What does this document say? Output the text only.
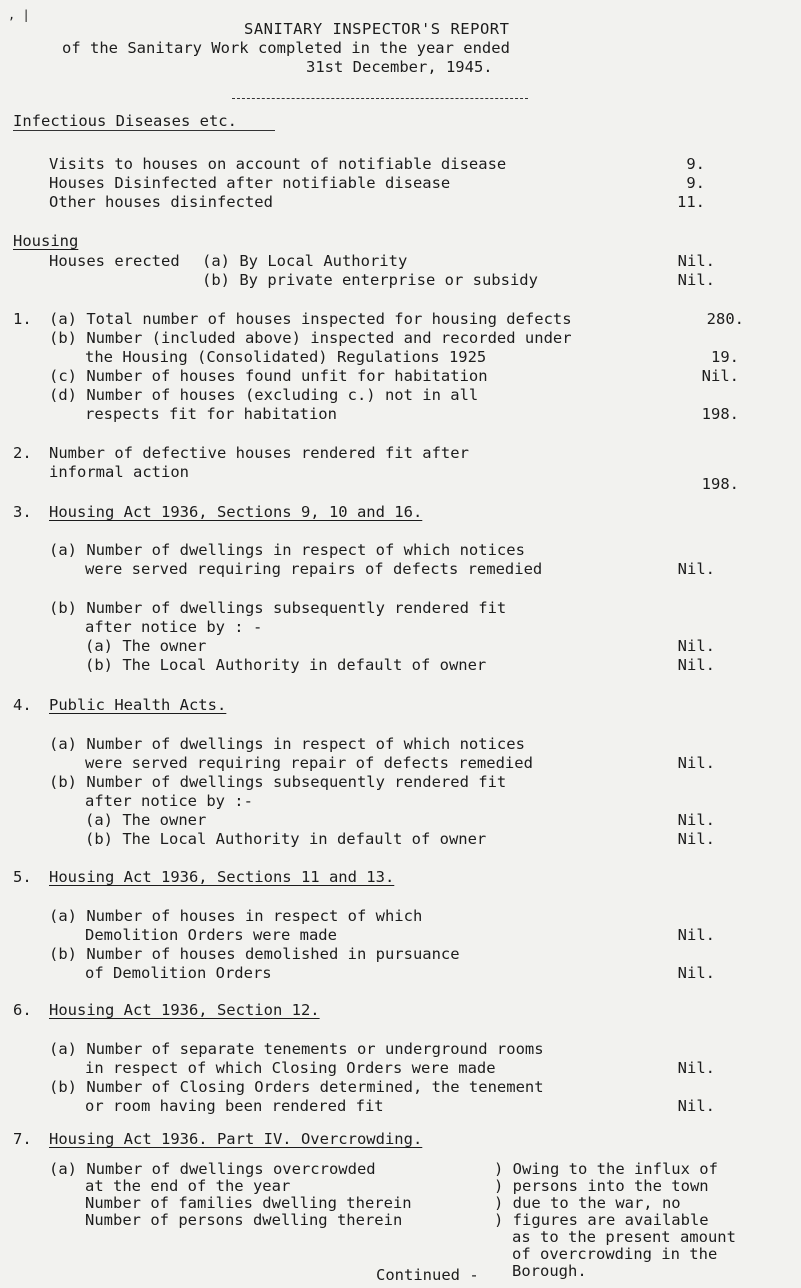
, |
SANITARY INSPECTOR'S REPORT
of the Sanitary Work completed in the year ended
31st December, 1945.
Infectious Diseases etc.
Visits to houses on account of notifiable disease	9.
Houses Disinfected after notifiable disease	9.
Other houses disinfected	11.
Housing
Houses erected (a) By Local Authority	Nil.
(b) By private enterprise or subsidy	Nil.
1. (a) Total number of houses inspected for housing defects	280.
(b) Number (included above) inspected and recorded under
the Housing (Consolidated) Regulations 1925	19.
(c) Number of houses found unfit for habitation	Nil.
(d) Number of houses (excluding c.) not in all
respects fit for habitation	198.
2. Number of defective houses rendered fit after
informal action
198.
3. Housing Act 1936, Sections 9, 10 and 16.
(a) Number of dwellings in respect of which notices
were served requiring repairs of defects remedied	Nil.
(b) Number of dwellings subsequently rendered fit
after notice by : -
(a) The owner	Nil.
(b) The Local Authority in default of owner	Nil.
4. Public Health Acts.
(a) Number of dwellings in respect of which notices
were served requiring repair of defects remedied	Nil.
(b) Number of dwellings subsequently rendered fit
after notice by :-
(a) The owner	Nil.
(b) The Local Authority in default of owner	Nil.
5. Housing Act 1936, Sections 11 and 13.
(a) Number of houses in respect of which
Demolition Orders were made	Nil.
(b) Number of houses demolished in pursuance
of Demolition Orders	Nil.
6. Housing Act 1936, Section 12.
(a) Number of separate tenements or underground rooms
in respect of which Closing Orders were made	Nil.
(b) Number of Closing Orders determined, the tenement
or room having been rendered fit	Nil.
7. Housing Act 1936. Part IV. Overcrowding.
(a) Number of dwellings overcrowded
at the end of the year
Number of families dwelling therein
Number of persons dwelling therein
) Owing to the influx of
) persons into the town
) due to the war, no
) figures are available
as to the present amount
of overcrowding in the
Borough.
Continued -
